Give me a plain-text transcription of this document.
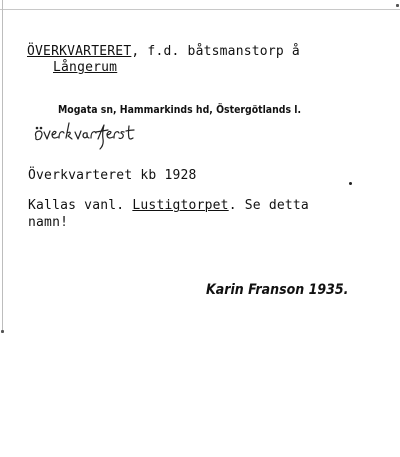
ÖVERKVARTERET, f.d. båtsmanstorp å
Långerum
Mogata sn, Hammarkinds hd, Östergötlands l.
Överkvarteret kb 1928
Kallas vanl. Lustigtorpet. Se detta
namn!
Karin Franson 1935.
